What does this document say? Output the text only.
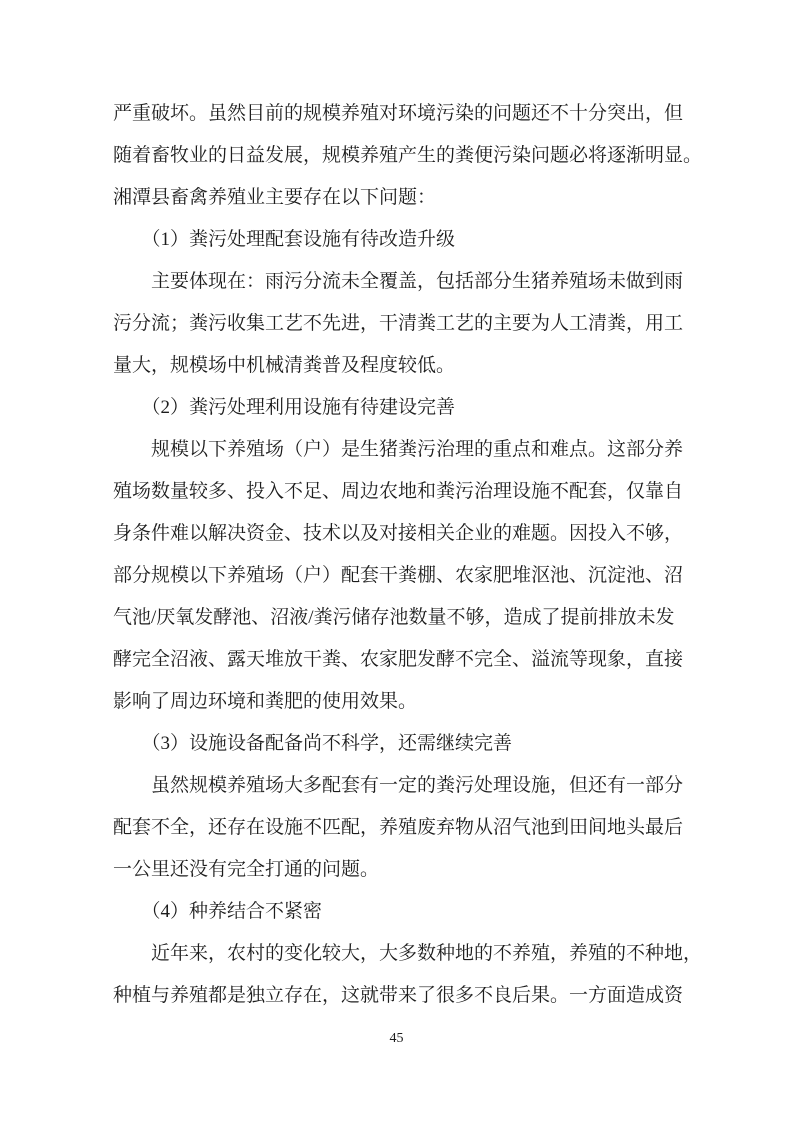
严重破坏。虽然目前的规模养殖对环境污染的问题还不十分突出，但
随着畜牧业的日益发展，规模养殖产生的粪便污染问题必将逐渐明显。
湘潭县畜禽养殖业主要存在以下问题：
　　（1）粪污处理配套设施有待改造升级
　　主要体现在：雨污分流未全覆盖，包括部分生猪养殖场未做到雨
污分流；粪污收集工艺不先进，干清粪工艺的主要为人工清粪，用工
量大，规模场中机械清粪普及程度较低。
　　（2）粪污处理利用设施有待建设完善
　　规模以下养殖场（户）是生猪粪污治理的重点和难点。这部分养
殖场数量较多、投入不足、周边农地和粪污治理设施不配套，仅靠自
身条件难以解决资金、技术以及对接相关企业的难题。因投入不够，
部分规模以下养殖场（户）配套干粪棚、农家肥堆沤池、沉淀池、沼
气池/厌氧发酵池、沼液/粪污储存池数量不够，造成了提前排放未发
酵完全沼液、露天堆放干粪、农家肥发酵不完全、溢流等现象，直接
影响了周边环境和粪肥的使用效果。
　　（3）设施设备配备尚不科学，还需继续完善
　　虽然规模养殖场大多配套有一定的粪污处理设施，但还有一部分
配套不全，还存在设施不匹配，养殖废弃物从沼气池到田间地头最后
一公里还没有完全打通的问题。
　　（4）种养结合不紧密
　　近年来，农村的变化较大，大多数种地的不养殖，养殖的不种地，
种植与养殖都是独立存在，这就带来了很多不良后果。一方面造成资
45
